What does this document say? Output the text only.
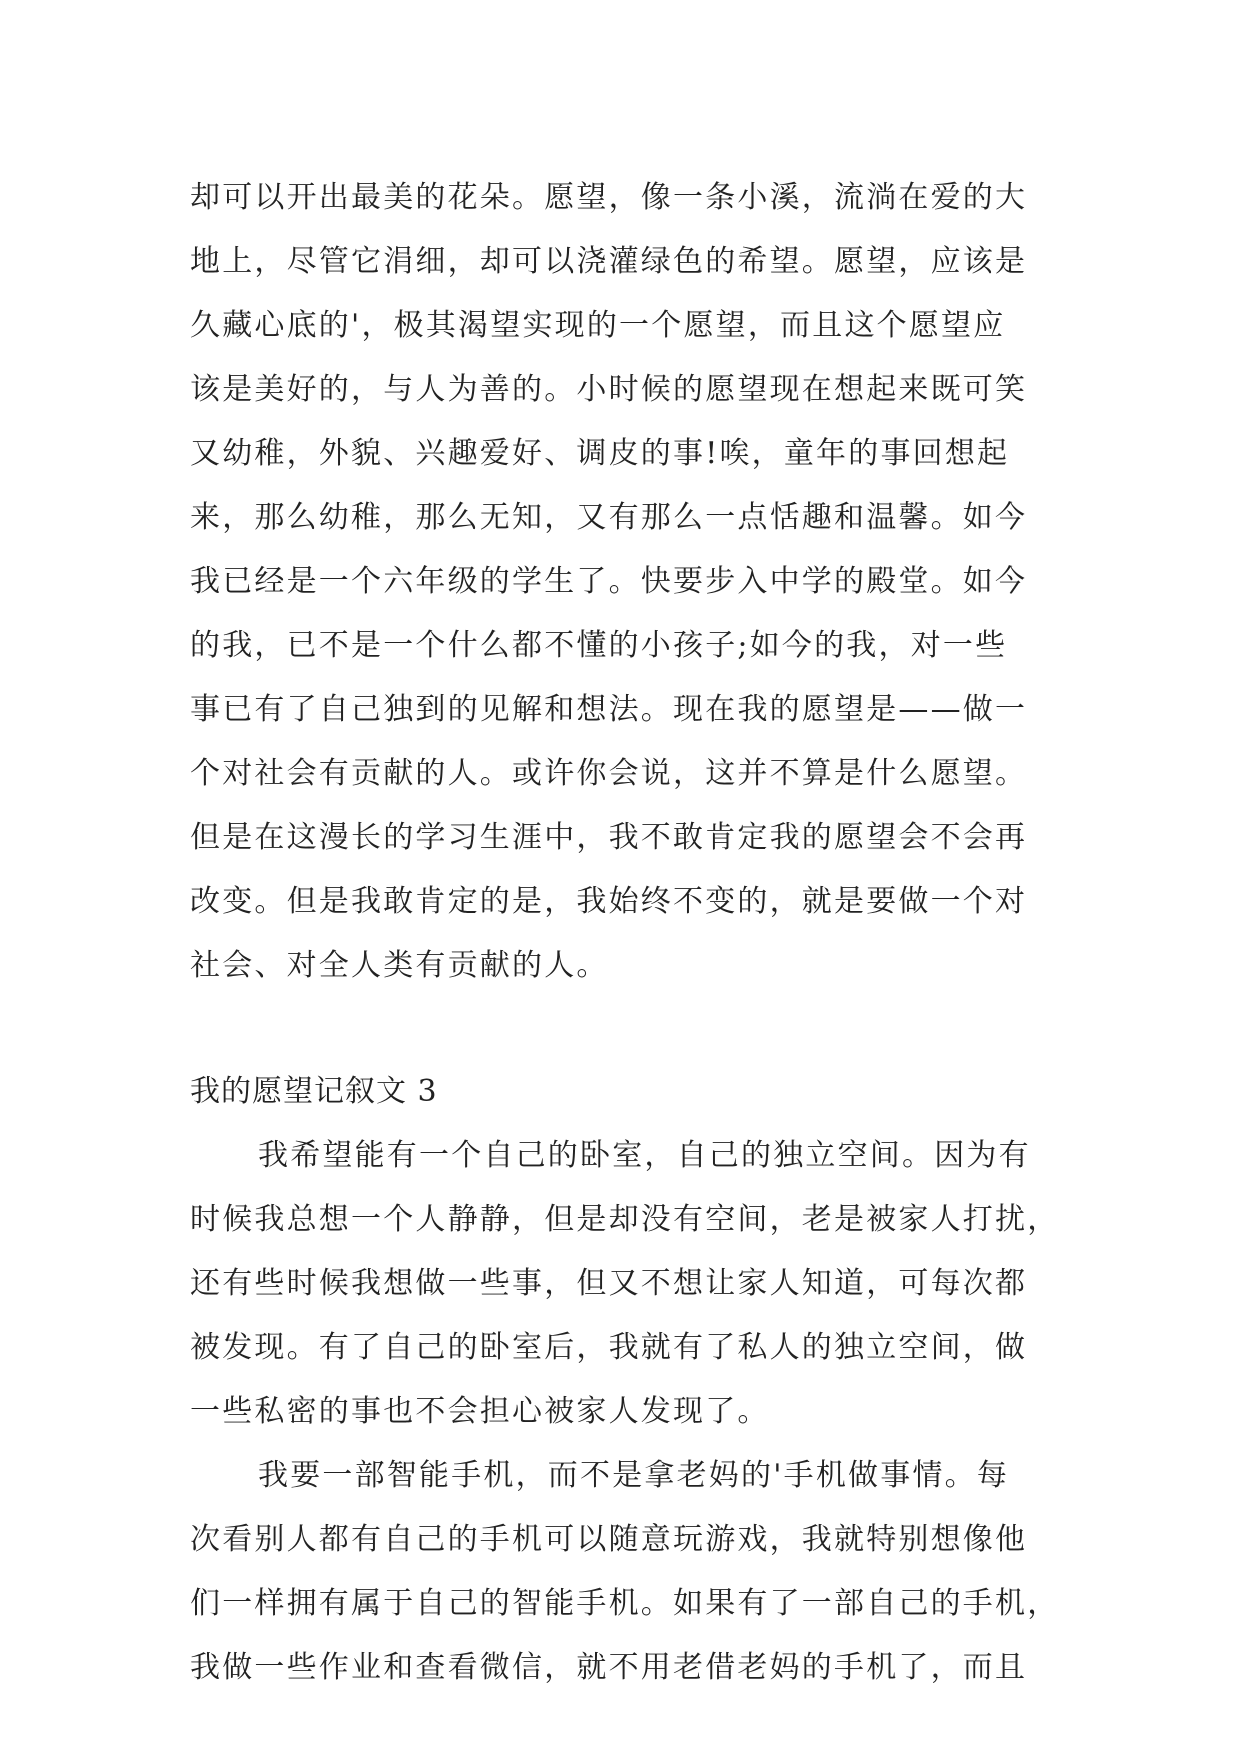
却可以开出最美的花朵。愿望，像一条小溪，流淌在爱的大
地上，尽管它涓细，却可以浇灌绿色的希望。愿望，应该是
久藏心底的'，极其渴望实现的一个愿望，而且这个愿望应
该是美好的，与人为善的。小时候的愿望现在想起来既可笑
又幼稚，外貌、兴趣爱好、调皮的事!唉，童年的事回想起
来，那么幼稚，那么无知，又有那么一点恬趣和温馨。如今
我已经是一个六年级的学生了。快要步入中学的殿堂。如今
的我，已不是一个什么都不懂的小孩子;如今的我，对一些
事已有了自己独到的见解和想法。现在我的愿望是——做一
个对社会有贡献的人。或许你会说，这并不算是什么愿望。
但是在这漫长的学习生涯中，我不敢肯定我的愿望会不会再
改变。但是我敢肯定的是，我始终不变的，就是要做一个对
社会、对全人类有贡献的人。
我的愿望记叙文 3
我希望能有一个自己的卧室，自己的独立空间。因为有
时候我总想一个人静静，但是却没有空间，老是被家人打扰，
还有些时候我想做一些事，但又不想让家人知道，可每次都
被发现。有了自己的卧室后，我就有了私人的独立空间，做
一些私密的事也不会担心被家人发现了。
我要一部智能手机，而不是拿老妈的'手机做事情。每
次看别人都有自己的手机可以随意玩游戏，我就特别想像他
们一样拥有属于自己的智能手机。如果有了一部自己的手机，
我做一些作业和查看微信，就不用老借老妈的手机了，而且
